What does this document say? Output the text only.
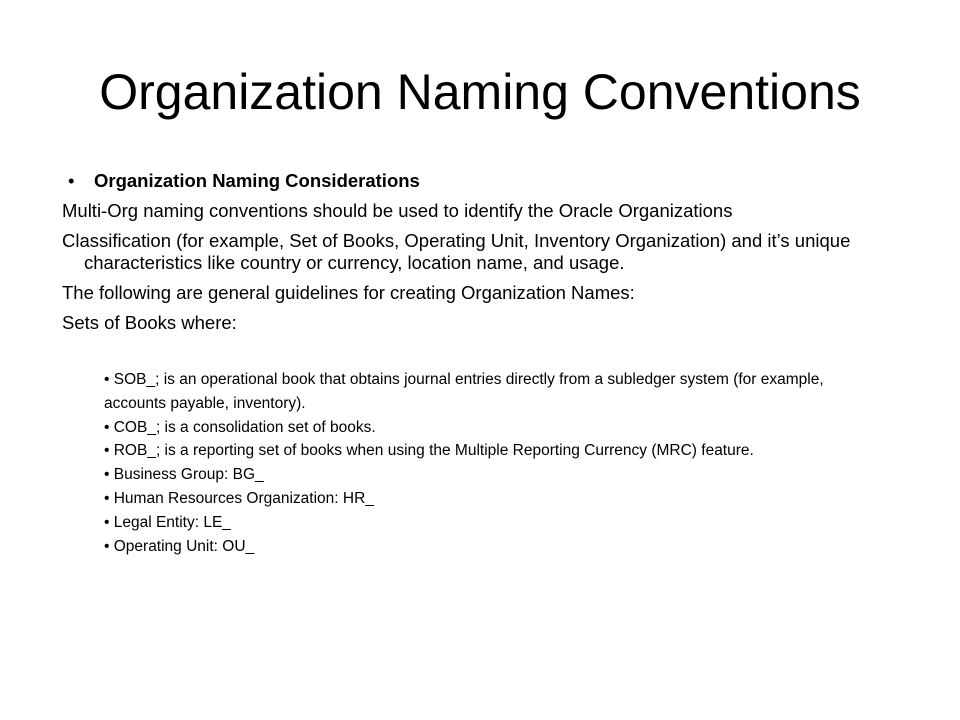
Organization Naming Conventions
• Organization Naming Considerations

Multi-Org naming conventions should be used to identify the Oracle Organizations

Classification (for example, Set of Books, Operating Unit, Inventory Organization) and it’s unique characteristics like country or currency, location name, and usage.

The following are general guidelines for creating Organization Names:

Sets of Books where:

• SOB_; is an operational book that obtains journal entries directly from a subledger system (for example, accounts payable, inventory).

• COB_; is a consolidation set of books.

• ROB_; is a reporting set of books when using the Multiple Reporting Currency (MRC) feature.

• Business Group: BG_

• Human Resources Organization: HR_

• Legal Entity: LE_

• Operating Unit: OU_
